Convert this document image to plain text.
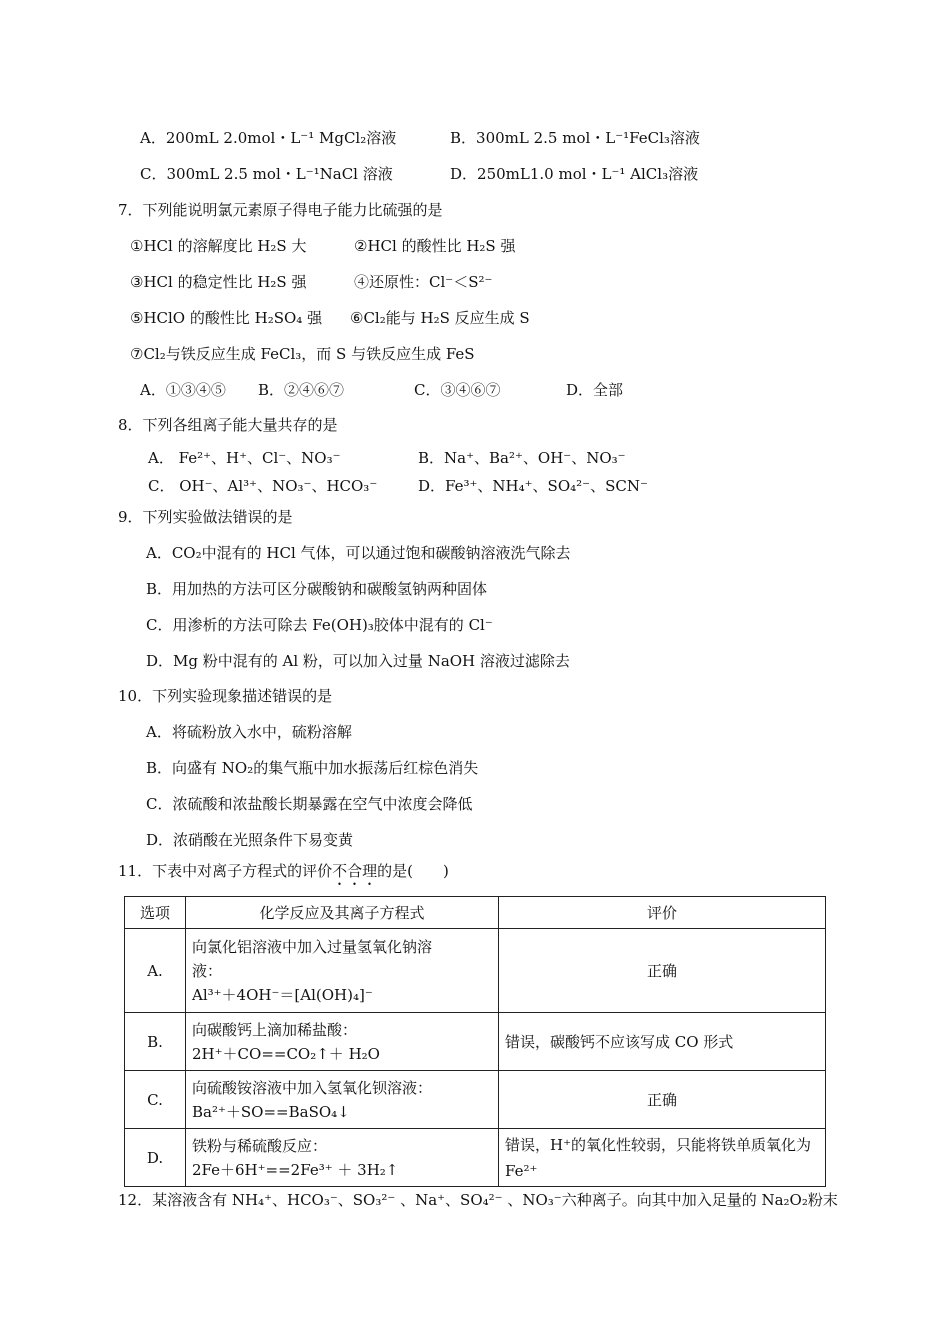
A．200mL 2.0mol・L⁻¹ MgCl₂溶液	B．300mL 2.5 mol・L⁻¹FeCl₃溶液
C．300mL 2.5 mol・L⁻¹NaCl 溶液	D．250mL1.0 mol・L⁻¹ AlCl₃溶液
7．下列能说明氯元素原子得电子能力比硫强的是
①HCl 的溶解度比 H₂S 大	②HCl 的酸性比 H₂S 强
③HCl 的稳定性比 H₂S 强	④还原性：Cl⁻＜S²⁻
⑤HClO 的酸性比 H₂SO₄ 强 ⑥Cl₂能与 H₂S 反应生成 S
⑦Cl₂与铁反应生成 FeCl₃，而 S 与铁反应生成 FeS
A．①③④⑤ B．②④⑥⑦	C．③④⑥⑦	D．全部
8．下列各组离子能大量共存的是
A． Fe²⁺、H⁺、Cl⁻、NO₃⁻	B．Na⁺、Ba²⁺、OH⁻、NO₃⁻
C． OH⁻、Al³⁺、NO₃⁻、HCO₃⁻	D．Fe³⁺、NH₄⁺、SO₄²⁻、SCN⁻
9．下列实验做法错误的是
A．CO₂中混有的 HCl 气体，可以通过饱和碳酸钠溶液洗气除去
B．用加热的方法可区分碳酸钠和碳酸氢钠两种固体
C．用渗析的方法可除去 Fe(OH)₃胶体中混有的 Cl⁻
D．Mg 粉中混有的 Al 粉，可以加入过量 NaOH 溶液过滤除去
10．下列实验现象描述错误的是
A．将硫粉放入水中，硫粉溶解
B．向盛有 NO₂的集气瓶中加水振荡后红棕色消失
C．浓硫酸和浓盐酸长期暴露在空气中浓度会降低
D．浓硝酸在光照条件下易变黄
11．下表中对离子方程式的评价不合理的是(　　)
选项	化学反应及其离子方程式	评价
A.	向氯化铝溶液中加入过量氢氧化钠溶
液：
Al³⁺＋4OH⁻＝[Al(OH)₄]⁻	正确
B.	向碳酸钙上滴加稀盐酸：
2H⁺＋CO==CO₂↑＋ H₂O	错误，碳酸钙不应该写成 CO 形式
C.	向硫酸铵溶液中加入氢氧化钡溶液：
Ba²⁺＋SO==BaSO₄↓	正确
D.	铁粉与稀硫酸反应：
2Fe＋6H⁺==2Fe³⁺ ＋ 3H₂↑	错误，H⁺的氧化性较弱，只能将铁单质氧化为 Fe²⁺
12．某溶液含有 NH₄⁺、HCO₃⁻、SO₃²⁻ 、Na⁺、SO₄²⁻ 、NO₃⁻六种离子。向其中加入足量的 Na₂O₂粉末
